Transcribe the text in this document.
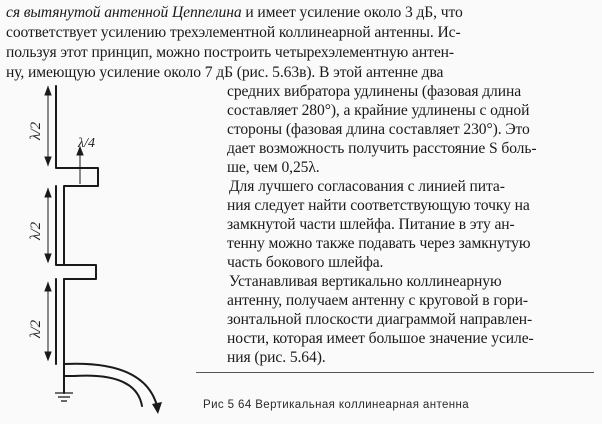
ся вытянутой антенной Цеппелина и имеет усиление около 3 дБ, что
соответствует усилению трехэлементной коллинеарной антенны. Ис-
пользуя этот принцип, можно построить четырехэлементную антен-
ну, имеющую усиление около 7 дБ (рис. 5.63в). В этой антенне два
средних вибратора удлинены (фазовая длина
составляет 280°), а крайние удлинены с одной
стороны (фазовая длина составляет 230°). Это
дает возможность получить расстояние S боль-
ше, чем 0,25λ.
Для лучшего согласования с линией пита-
ния следует найти соответствующую точку на
замкнутой части шлейфа. Питание в эту ан-
тенну можно также подавать через замкнутую
часть бокового шлейфа.
Устанавливая вертикально коллинеарную
антенну, получаем антенну с круговой в гори-
зонтальной плоскости диаграммой направлен-
ности, которая имеет большое значение усиле-
ния (рис. 5.64).
Рис 5 64 Вертикальная коллинеарная антенна
λ/2
λ/2
λ/2
λ/4
